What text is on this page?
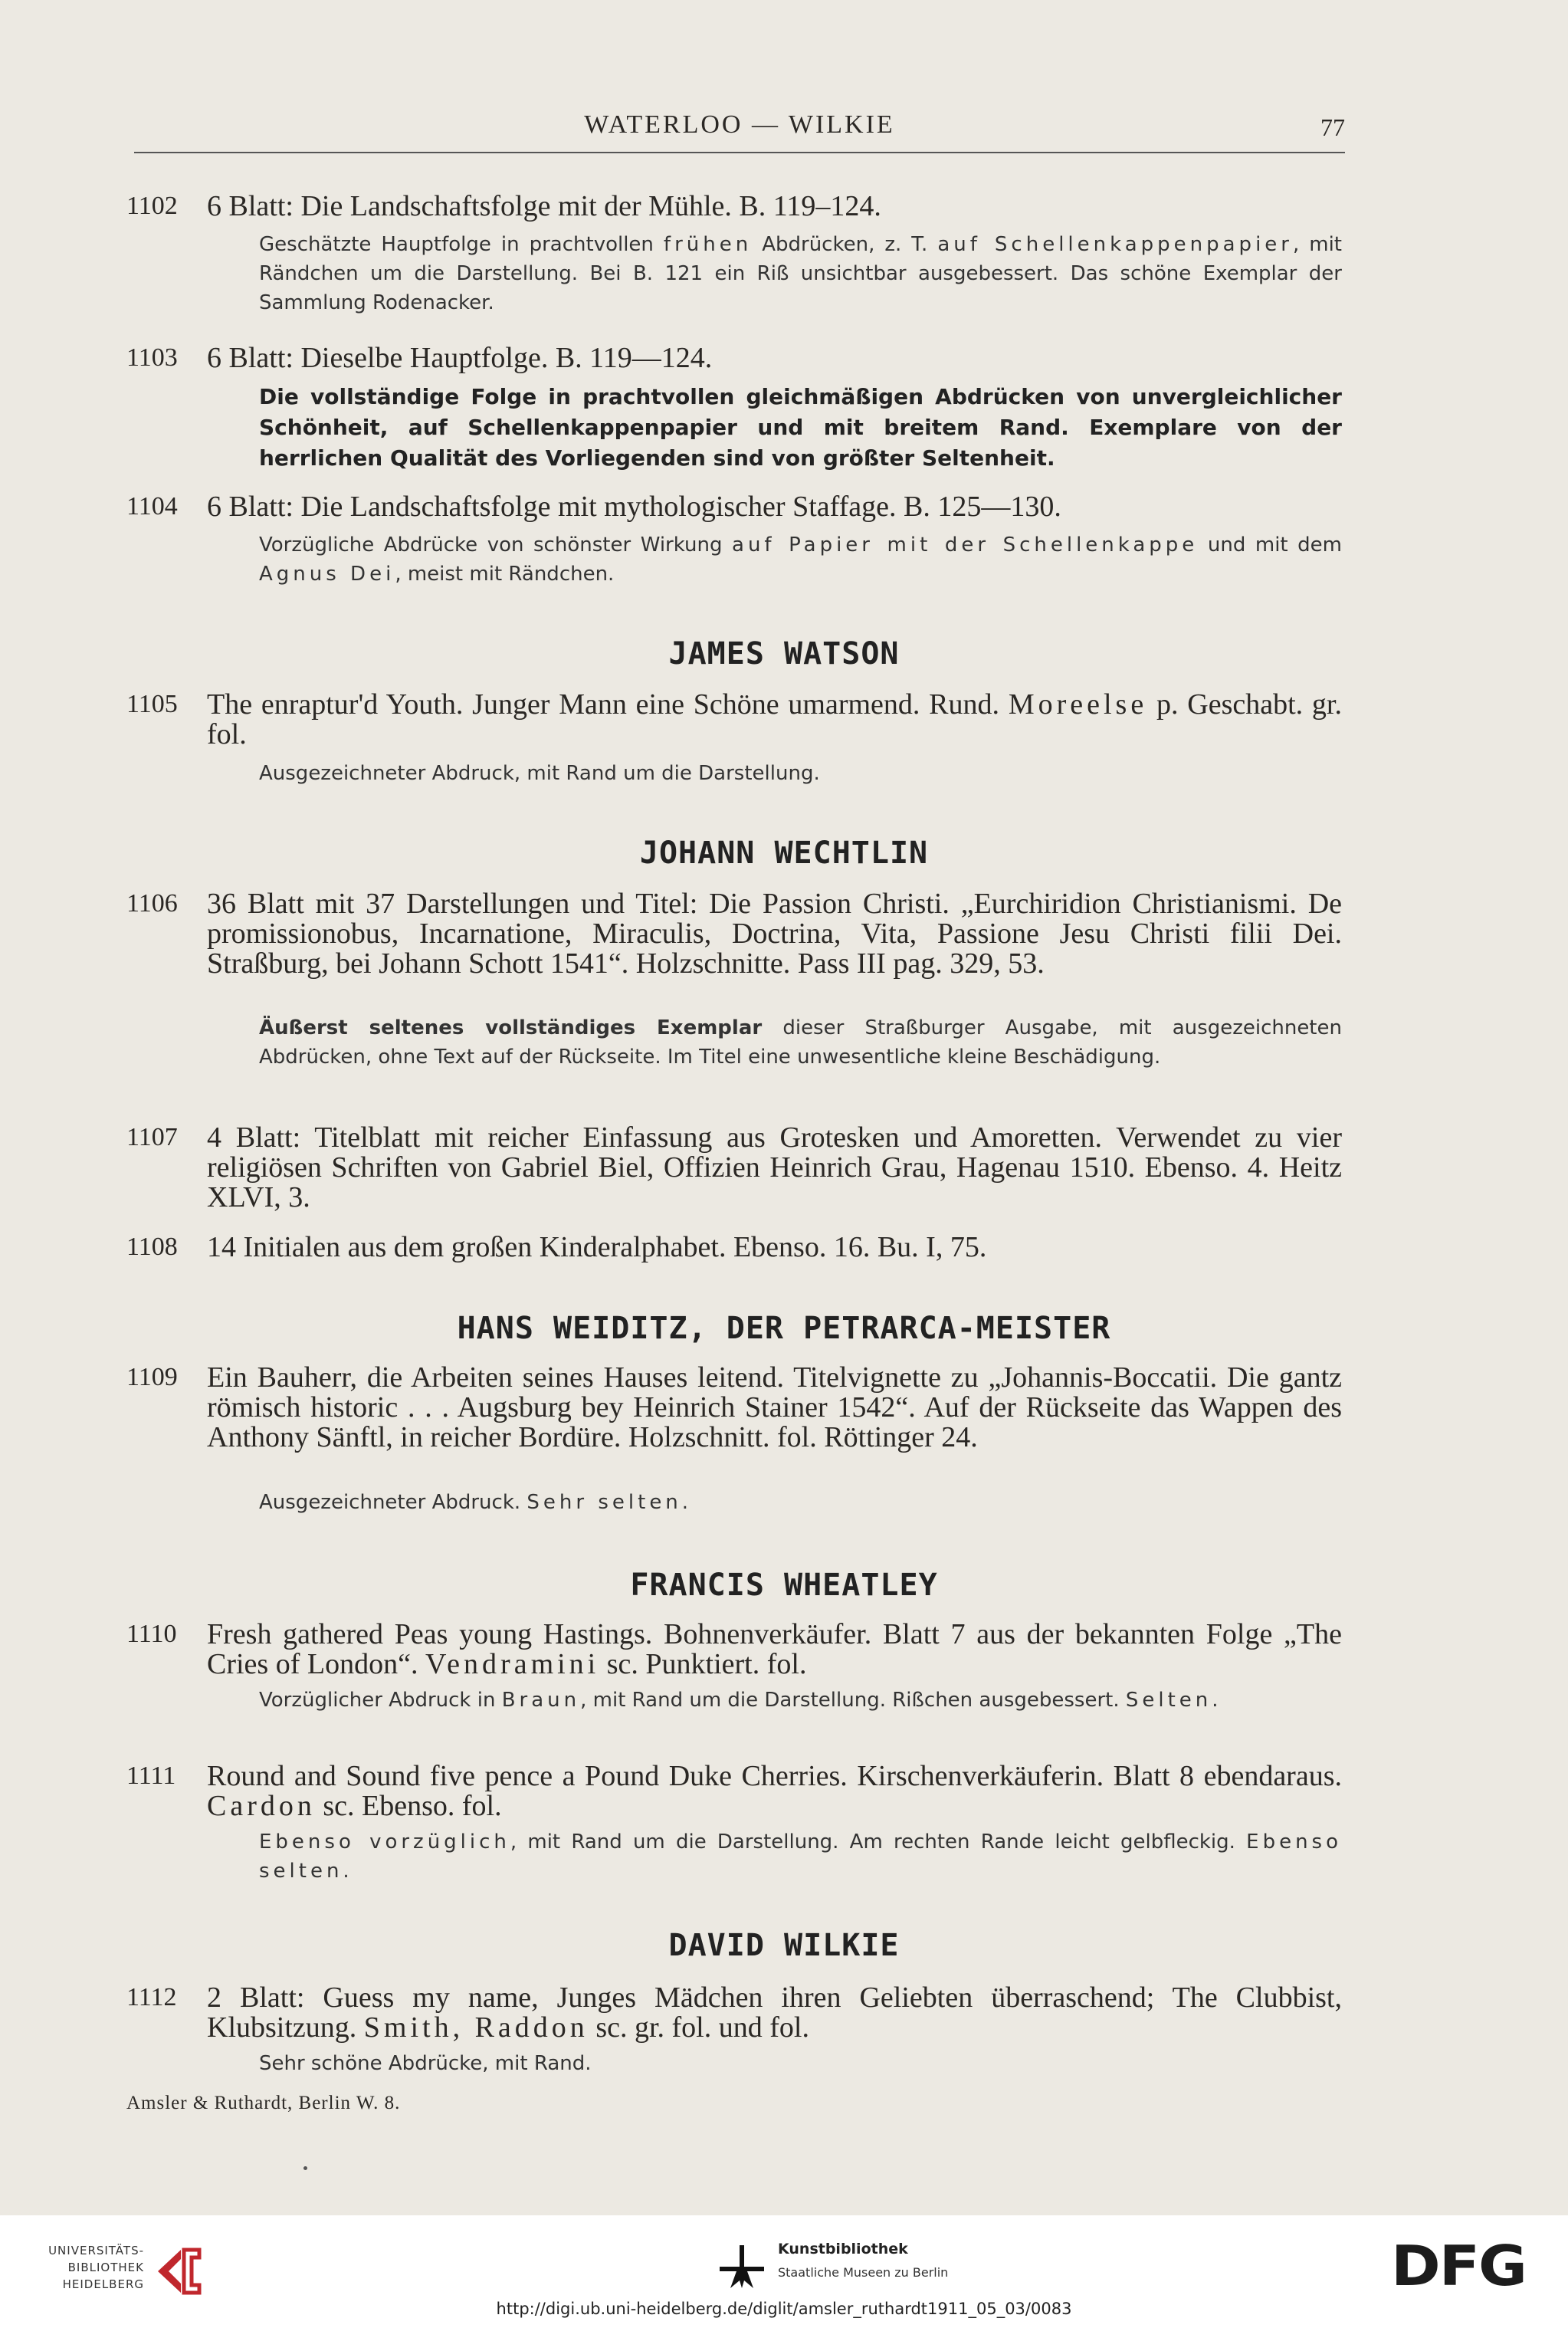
WATERLOO — WILKIE	77
1102 6 Blatt: Die Landschaftsfolge mit der Mühle. B. 119–124.
Geschätzte Hauptfolge in prachtvollen frühen Abdrücken, z. T. auf Schellenkappenpapier, mit Rändchen um die Darstellung. Bei B. 121 ein Riß unsichtbar ausgebessert. Das schöne Exemplar der Sammlung Rodenacker.
1103 6 Blatt: Dieselbe Hauptfolge. B. 119—124.
Die vollständige Folge in prachtvollen gleichmäßigen Abdrücken von unvergleichlicher Schönheit, auf Schellenkappenpapier und mit breitem Rand. Exemplare von der herrlichen Qualität des Vorliegenden sind von größter Seltenheit.
1104 6 Blatt: Die Landschaftsfolge mit mythologischer Staffage. B. 125—130.
Vorzügliche Abdrücke von schönster Wirkung auf Papier mit der Schellenkappe und mit dem Agnus Dei, meist mit Rändchen.
JAMES WATSON
1105 The enraptur'd Youth. Junger Mann eine Schöne umarmend. Rund. Moreelse p. Geschabt. gr. fol.
Ausgezeichneter Abdruck, mit Rand um die Darstellung.
JOHANN WECHTLIN
1106 36 Blatt mit 37 Darstellungen und Titel: Die Passion Christi. „Eurchiridion Christianismi. De promissionobus, Incarnatione, Miraculis, Doctrina, Vita, Passione Jesu Christi filii Dei. Straßburg, bei Johann Schott 1541“. Holzschnitte. Pass III pag. 329, 53.
Äußerst seltenes vollständiges Exemplar dieser Straßburger Ausgabe, mit ausgezeichneten Abdrücken, ohne Text auf der Rückseite. Im Titel eine unwesentliche kleine Beschädigung.
1107 4 Blatt: Titelblatt mit reicher Einfassung aus Grotesken und Amoretten. Verwendet zu vier religiösen Schriften von Gabriel Biel, Offizien Heinrich Grau, Hagenau 1510. Ebenso. 4. Heitz XLVI, 3.
1108 14 Initialen aus dem großen Kinderalphabet. Ebenso. 16. Bu. I, 75.
HANS WEIDITZ, DER PETRARCA-MEISTER
1109 Ein Bauherr, die Arbeiten seines Hauses leitend. Titelvignette zu „Johannis-Boccatii. Die gantz römisch historic . . . Augsburg bey Heinrich Stainer 1542“. Auf der Rückseite das Wappen des Anthony Sänftl, in reicher Bordüre. Holzschnitt. fol. Röttinger 24.
Ausgezeichneter Abdruck. Sehr selten.
FRANCIS WHEATLEY
1110 Fresh gathered Peas young Hastings. Bohnenverkäufer. Blatt 7 aus der bekannten Folge „The Cries of London“. Vendramini sc. Punktiert. fol.
Vorzüglicher Abdruck in Braun, mit Rand um die Darstellung. Rißchen ausgebessert. Selten.
1111 Round and Sound five pence a Pound Duke Cherries. Kirschenverkäuferin. Blatt 8 ebendaraus. Cardon sc. Ebenso. fol.
Ebenso vorzüglich, mit Rand um die Darstellung. Am rechten Rande leicht gelbfleckig. Ebenso selten.
DAVID WILKIE
1112 2 Blatt: Guess my name, Junges Mädchen ihren Geliebten überraschend; The Clubbist, Klubsitzung. Smith, Raddon sc. gr. fol. und fol.
Sehr schöne Abdrücke, mit Rand.
Amsler & Ruthardt, Berlin W. 8.
UNIVERSITÄTS-
BIBLIOTHEK
HEIDELBERG
Kunstbibliothek
Staatliche Museen zu Berlin	DFG
http://digi.ub.uni-heidelberg.de/diglit/amsler_ruthardt1911_05_03/0083
